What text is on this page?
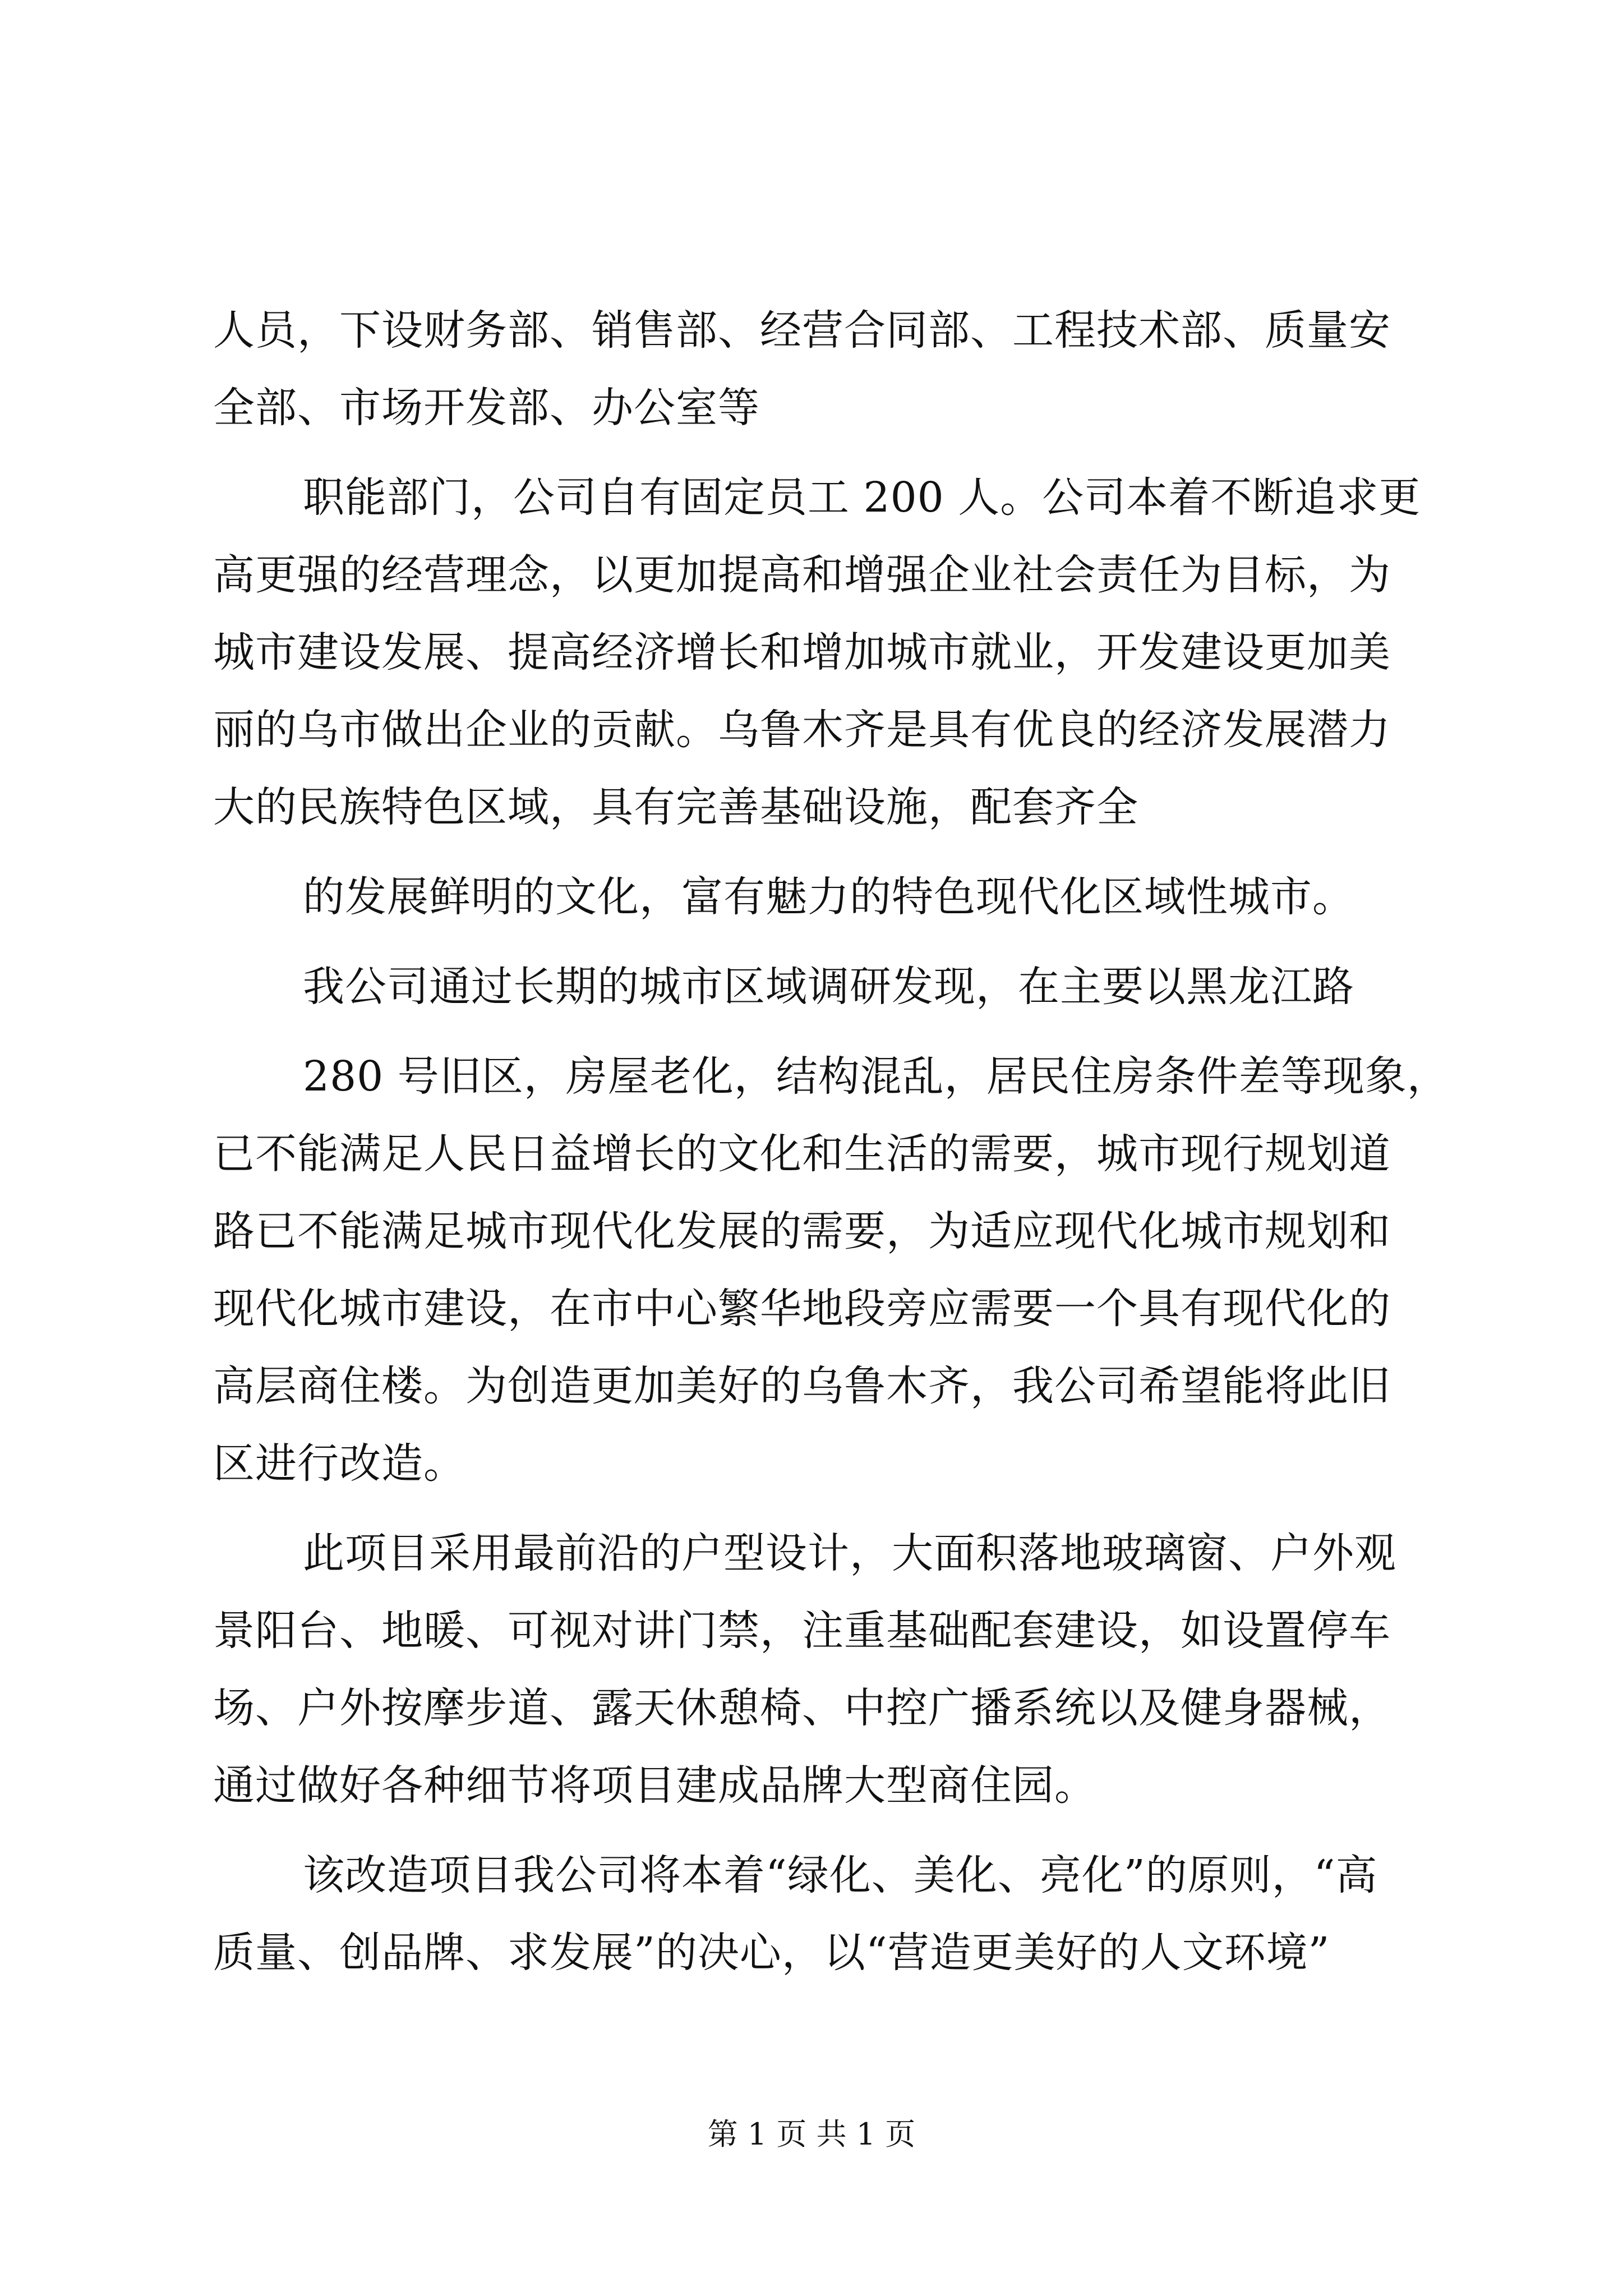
人员，下设财务部、销售部、经营合同部、工程技术部、质量安
全部、市场开发部、办公室等
职能部门，公司自有固定员工 200 人。公司本着不断追求更
高更强的经营理念，以更加提高和增强企业社会责任为目标，为
城市建设发展、提高经济增长和增加城市就业，开发建设更加美
丽的乌市做出企业的贡献。乌鲁木齐是具有优良的经济发展潜力
大的民族特色区域，具有完善基础设施，配套齐全
的发展鲜明的文化，富有魅力的特色现代化区域性城市。
我公司通过长期的城市区域调研发现，在主要以黑龙江路
280 号旧区，房屋老化，结构混乱，居民住房条件差等现象，
已不能满足人民日益增长的文化和生活的需要，城市现行规划道
路已不能满足城市现代化发展的需要，为适应现代化城市规划和
现代化城市建设，在市中心繁华地段旁应需要一个具有现代化的
高层商住楼。为创造更加美好的乌鲁木齐，我公司希望能将此旧
区进行改造。
此项目采用最前沿的户型设计，大面积落地玻璃窗、户外观
景阳台、地暖、可视对讲门禁，注重基础配套建设，如设置停车
场、户外按摩步道、露天休憩椅、中控广播系统以及健身器械，
通过做好各种细节将项目建成品牌大型商住园。
该改造项目我公司将本着“绿化、美化、亮化”的原则，“高
质量、创品牌、求发展”的决心，以“营造更美好的人文环境”
第 1 页 共 1 页
